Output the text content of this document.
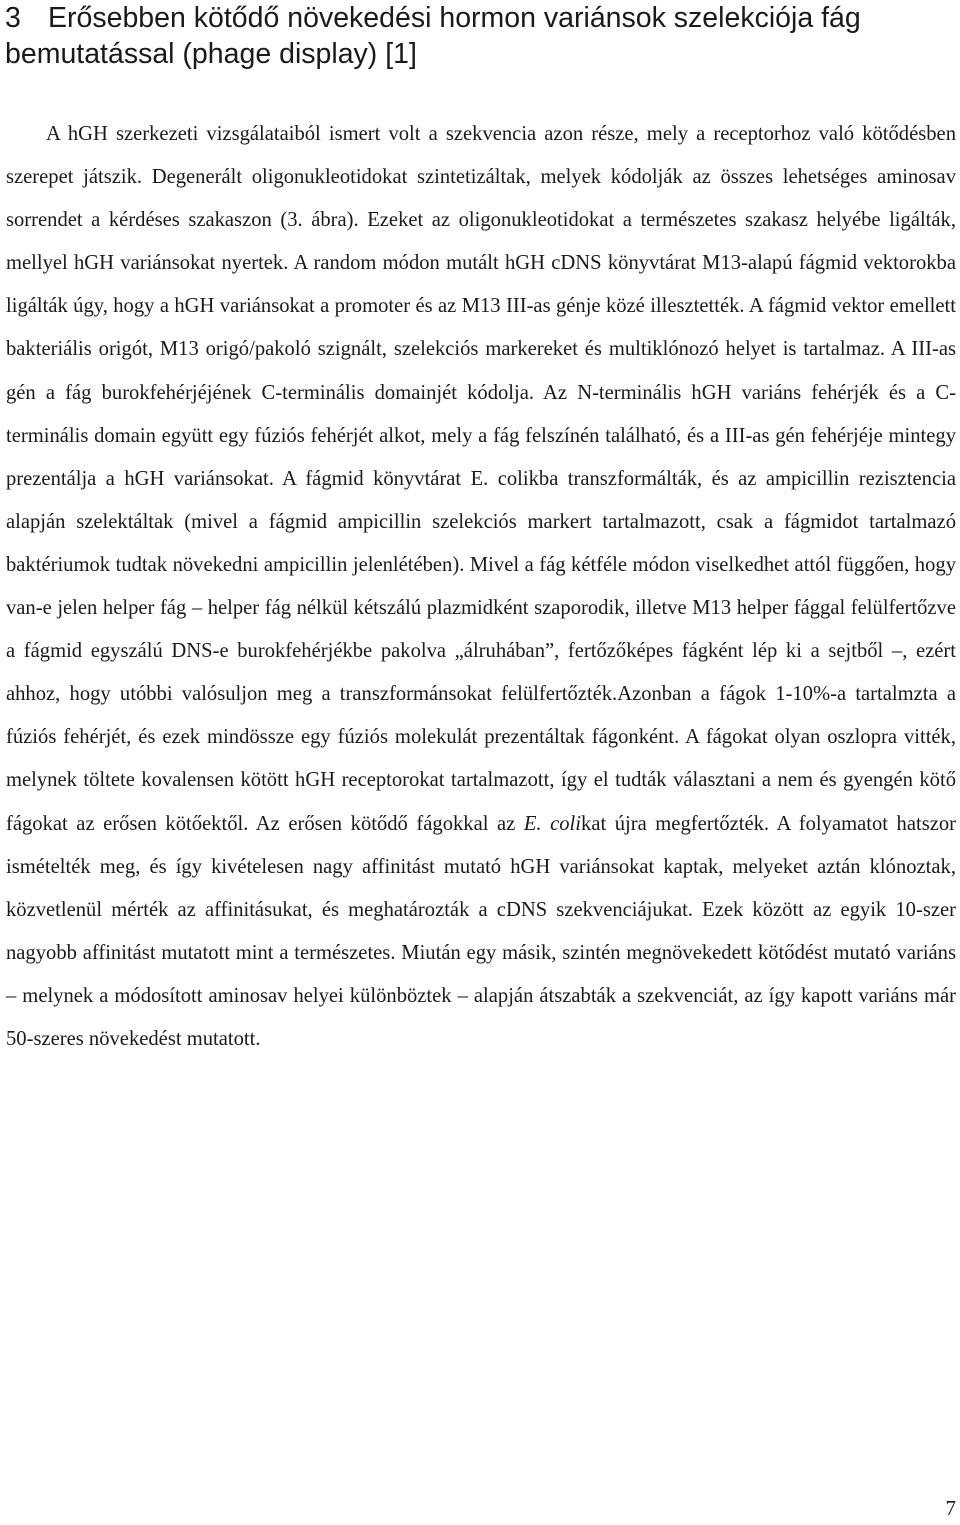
3 Erősebben kötődő növekedési hormon variánsok szelekciója fág bemutatással (phage display) [1]

A hGH szerkezeti vizsgálataiból ismert volt a szekvencia azon része, mely a receptorhoz való kötődésben szerepet játszik. Degenerált oligonukleotidokat szintetizáltak, melyek kódolják az összes lehetséges aminosav sorrendet a kérdéses szakaszon (3. ábra). Ezeket az oligonukleotidokat a természetes szakasz helyébe ligálták, mellyel hGH variánsokat nyertek. A random módon mutált hGH cDNS könyvtárat M13-alapú fágmid vektorokba ligálták úgy, hogy a hGH variánsokat a promoter és az M13 III-as génje közé illesztették. A fágmid vektor emellett bakteriális origót, M13 origó/pakoló szignált, szelekciós markereket és multiklónozó helyet is tartalmaz. A III-as gén a fág burokfehérjéjének C-terminális domainjét kódolja. Az N-terminális hGH variáns fehérjék és a C-terminális domain együtt egy fúziós fehérjét alkot, mely a fág felszínén található, és a III-as gén fehérjéje mintegy prezentálja a hGH variánsokat. A fágmid könyvtárat E. colikba transzformálták, és az ampicillin rezisztencia alapján szelektáltak (mivel a fágmid ampicillin szelekciós markert tartalmazott, csak a fágmidot tartalmazó baktériumok tudtak növekedni ampicillin jelenlétében). Mivel a fág kétféle módon viselkedhet attól függően, hogy van-e jelen helper fág – helper fág nélkül kétszálú plazmidként szaporodik, illetve M13 helper fággal felülfertőzve a fágmid egyszálú DNS-e burokfehérjékbe pakolva „álruhában”, fertőzőképes fágként lép ki a sejtből –, ezért ahhoz, hogy utóbbi valósuljon meg a transzformánsokat felülfertőzték.Azonban a fágok 1-10%-a tartalmzta a fúziós fehérjét, és ezek mindössze egy fúziós molekulát prezentáltak fágonként. A fágokat olyan oszlopra vitték, melynek töltete kovalensen kötött hGH receptorokat tartalmazott, így el tudták választani a nem és gyengén kötő fágokat az erősen kötőektől. Az erősen kötődő fágokkal az E. colikat újra megfertőzték. A folyamatot hatszor ismételték meg, és így kivételesen nagy affinitást mutató hGH variánsokat kaptak, melyeket aztán klónoztak, közvetlenül mérték az affinitásukat, és meghatározták a cDNS szekvenciájukat. Ezek között az egyik 10-szer nagyobb affinitást mutatott mint a természetes. Miután egy másik, szintén megnövekedett kötődést mutató variáns – melynek a módosított aminosav helyei különböztek – alapján átszabták a szekvenciát, az így kapott variáns már 50-szeres növekedést mutatott.

7
